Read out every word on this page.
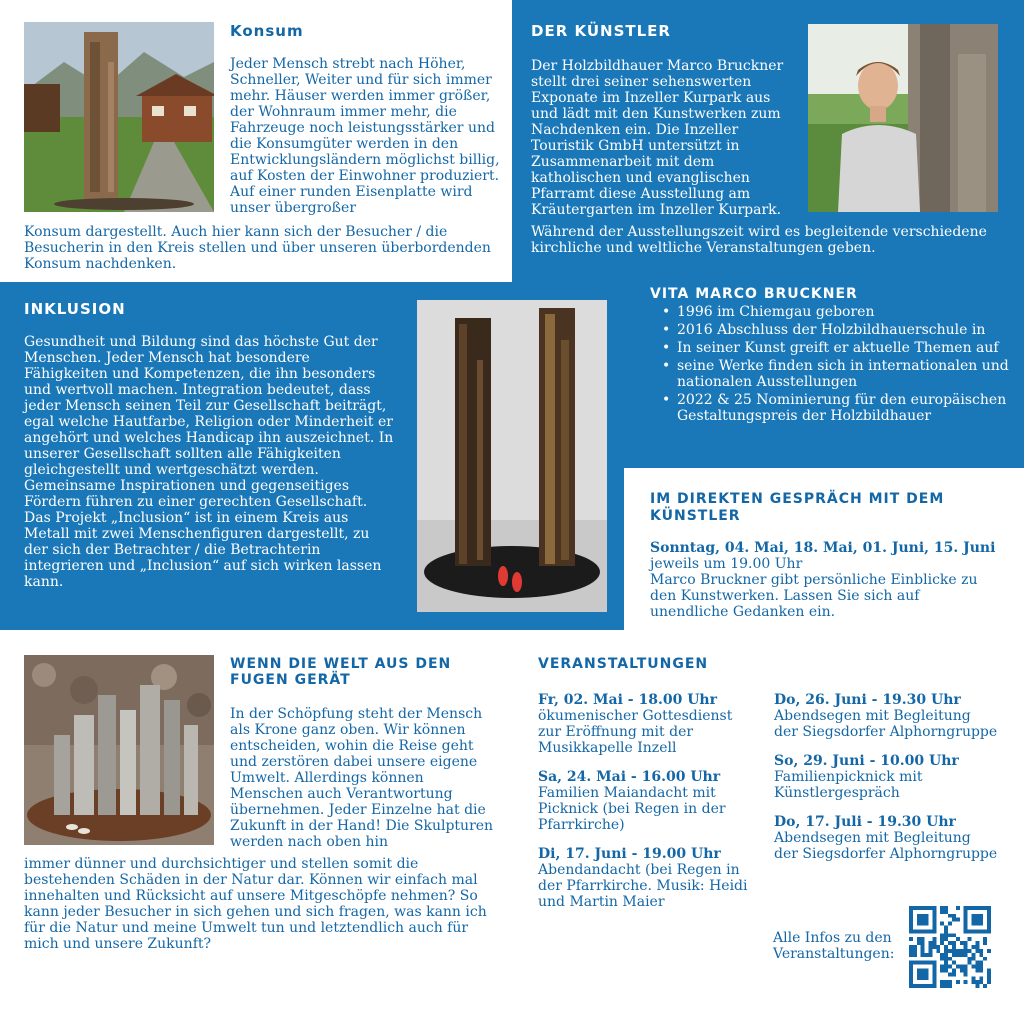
Konsum
Jeder Mensch strebt nach Höher, Schneller, Weiter und für sich immer mehr. Häuser werden immer größer, der Wohnraum immer mehr, die Fahrzeuge noch leistungsstärker und die Konsumgüter werden in den Entwicklungsländern möglichst billig, auf Kosten der Einwohner produziert. Auf einer runden Eisenplatte wird unser übergroßer
Konsum dargestellt. Auch hier kann sich der Besucher / die Besucherin in den Kreis stellen und über unseren überbordenden Konsum nachdenken.
DER KÜNSTLER
Der Holzbildhauer Marco Bruckner stellt drei seiner sehenswerten Exponate im Inzeller Kurpark aus und lädt mit den Kunstwerken zum Nachdenken ein. Die Inzeller Touristik GmbH untersützt in Zusammenarbeit mit dem katholischen und evanglischen Pfarramt diese Ausstellung am Kräutergarten im Inzeller Kurpark.
Während der Ausstellungszeit wird es begleitende verschiedene kirchliche und weltliche Veranstaltungen geben.
INKLUSION
Gesundheit und Bildung sind das höchste Gut der Menschen. Jeder Mensch hat besondere Fähigkeiten und Kompetenzen, die ihn besonders und wertvoll machen. Integration bedeutet, dass jeder Mensch seinen Teil zur Gesellschaft beiträgt, egal welche Hautfarbe, Religion oder Minderheit er angehört und welches Handicap ihn auszeichnet. In unserer Gesellschaft sollten alle Fähigkeiten gleichgestellt und wertgeschätzt werden. Gemeinsame Inspirationen und gegenseitiges Fördern führen zu einer gerechten Gesellschaft. Das Projekt „Inclusion“ ist in einem Kreis aus Metall mit zwei Menschenfiguren dargestellt, zu der sich der Betrachter / die Betrachterin integrieren und „Inclusion“ auf sich wirken lassen kann.
VITA MARCO BRUCKNER
• 1996 im Chiemgau geboren
• 2016 Abschluss der Holzbildhauerschule in
• In seiner Kunst greift er aktuelle Themen auf
• seine Werke finden sich in internationalen und nationalen Ausstellungen
• 2022 & 25 Nominierung für den europäischen Gestaltungspreis der Holzbildhauer
IM DIREKTEN GESPRÄCH MIT DEM KÜNSTLER
Sonntag, 04. Mai, 18. Mai, 01. Juni, 15. Juni
jeweils um 19.00 Uhr
Marco Bruckner gibt persönliche Einblicke zu den Kunstwerken. Lassen Sie sich auf unendliche Gedanken ein.
WENN DIE WELT AUS DEN FUGEN GERÄT
In der Schöpfung steht der Mensch als Krone ganz oben. Wir können entscheiden, wohin die Reise geht und zerstören dabei unsere eigene Umwelt. Allerdings können Menschen auch Verantwortung übernehmen. Jeder Einzelne hat die Zukunft in der Hand! Die Skulpturen werden nach oben hin
immer dünner und durchsichtiger und stellen somit die bestehenden Schäden in der Natur dar. Können wir einfach mal innehalten und Rücksicht auf unsere Mitgeschöpfe nehmen? So kann jeder Besucher in sich gehen und sich fragen, was kann ich für die Natur und meine Umwelt tun und letztendlich auch für mich und unsere Zukunft?
VERANSTALTUNGEN
Fr, 02. Mai - 18.00 Uhr
ökumenischer Gottesdienst zur Eröffnung mit der Musikkapelle Inzell
Sa, 24. Mai - 16.00 Uhr
Familien Maiandacht mit Picknick (bei Regen in der Pfarrkirche)
Di, 17. Juni - 19.00 Uhr
Abendandacht (bei Regen in der Pfarrkirche. Musik: Heidi und Martin Maier
Do, 26. Juni - 19.30 Uhr
Abendsegen mit Begleitung der Siegsdorfer Alphorngruppe
So, 29. Juni - 10.00 Uhr
Familienpicknick mit Künstlergespräch
Do, 17. Juli - 19.30 Uhr
Abendsegen mit Begleitung der Siegsdorfer Alphorngruppe
Alle Infos zu den Veranstaltungen:
